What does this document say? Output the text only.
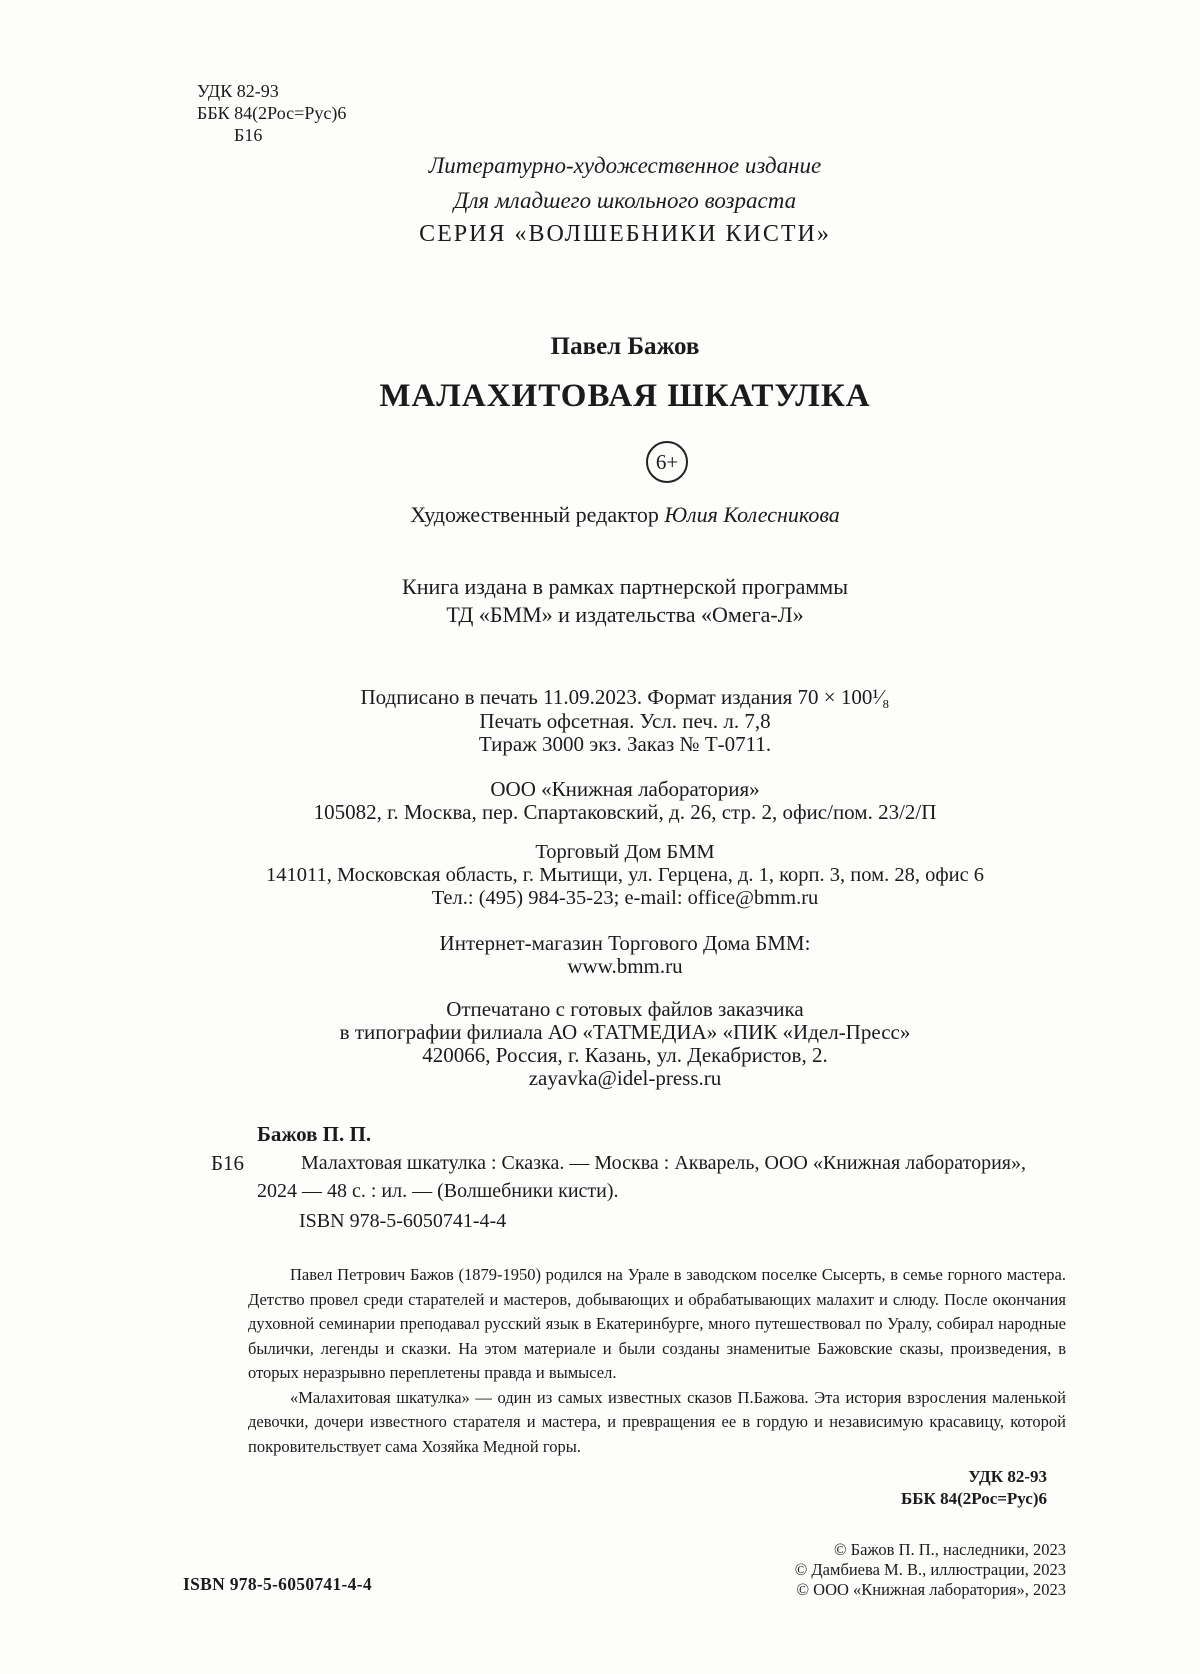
УДК 82-93
ББК 84(2Рос=Рус)6
Б16
Литературно-художественное издание
Для младшего школьного возраста
СЕРИЯ «ВОЛШЕБНИКИ КИСТИ»
Павел Бажов
МАЛАХИТОВАЯ ШКАТУЛКА
6+
Художественный редактор Юлия Колесникова
Книга издана в рамках партнерской программы
ТД «БММ» и издательства «Омега-Л»
Подписано в печать 11.09.2023. Формат издания 70 × 100¹⁄₈
Печать офсетная. Усл. печ. л. 7,8
Тираж 3000 экз. Заказ № Т-0711.
ООО «Книжная лаборатория»
105082, г. Москва, пер. Спартаковский, д. 26, стр. 2, офис/пом. 23/2/П
Торговый Дом БММ
141011, Московская область, г. Мытищи, ул. Герцена, д. 1, корп. 3, пом. 28, офис 6
Тел.: (495) 984-35-23; e-mail: office@bmm.ru
Интернет-магазин Торгового Дома БММ:
www.bmm.ru
Отпечатано с готовых файлов заказчика
в типографии филиала АО «ТАТМЕДИА» «ПИК «Идел-Пресс»
420066, Россия, г. Казань, ул. Декабристов, 2.
zayavka@idel-press.ru
Бажов П. П.
Б16	Малахтовая шкатулка : Сказка. — Москва : Акварель, ООО «Книжная лаборатория», 2024 — 48 с. : ил. — (Волшебники кисти).
ISBN 978-5-6050741-4-4

Павел Петрович Бажов (1879-1950) родился на Урале в заводском поселке Сысерть, в семье горного мастера. Детство провел среди старателей и мастеров, добывающих и обрабатывающих малахит и слюду. После окончания духовной семинарии преподавал русский язык в Екатеринбурге, много путешествовал по Уралу, собирал народные былички, легенды и сказки. На этом материале и были созданы знаменитые Бажовские сказы, произведения, в оторых неразрывно переплетены правда и вымысел.

«Малахитовая шкатулка» — один из самых известных сказов П.Бажова. Эта история взросления маленькой девочки, дочери известного старателя и мастера, и превращения ее в гордую и независимую красавицу, которой покровительствует сама Хозяйка Медной горы.

УДК 82-93
ББК 84(2Рос=Рус)6
© Бажов П. П., наследники, 2023
© Дамбиева М. В., иллюстрации, 2023
© ООО «Книжная лаборатория», 2023
ISBN 978-5-6050741-4-4
